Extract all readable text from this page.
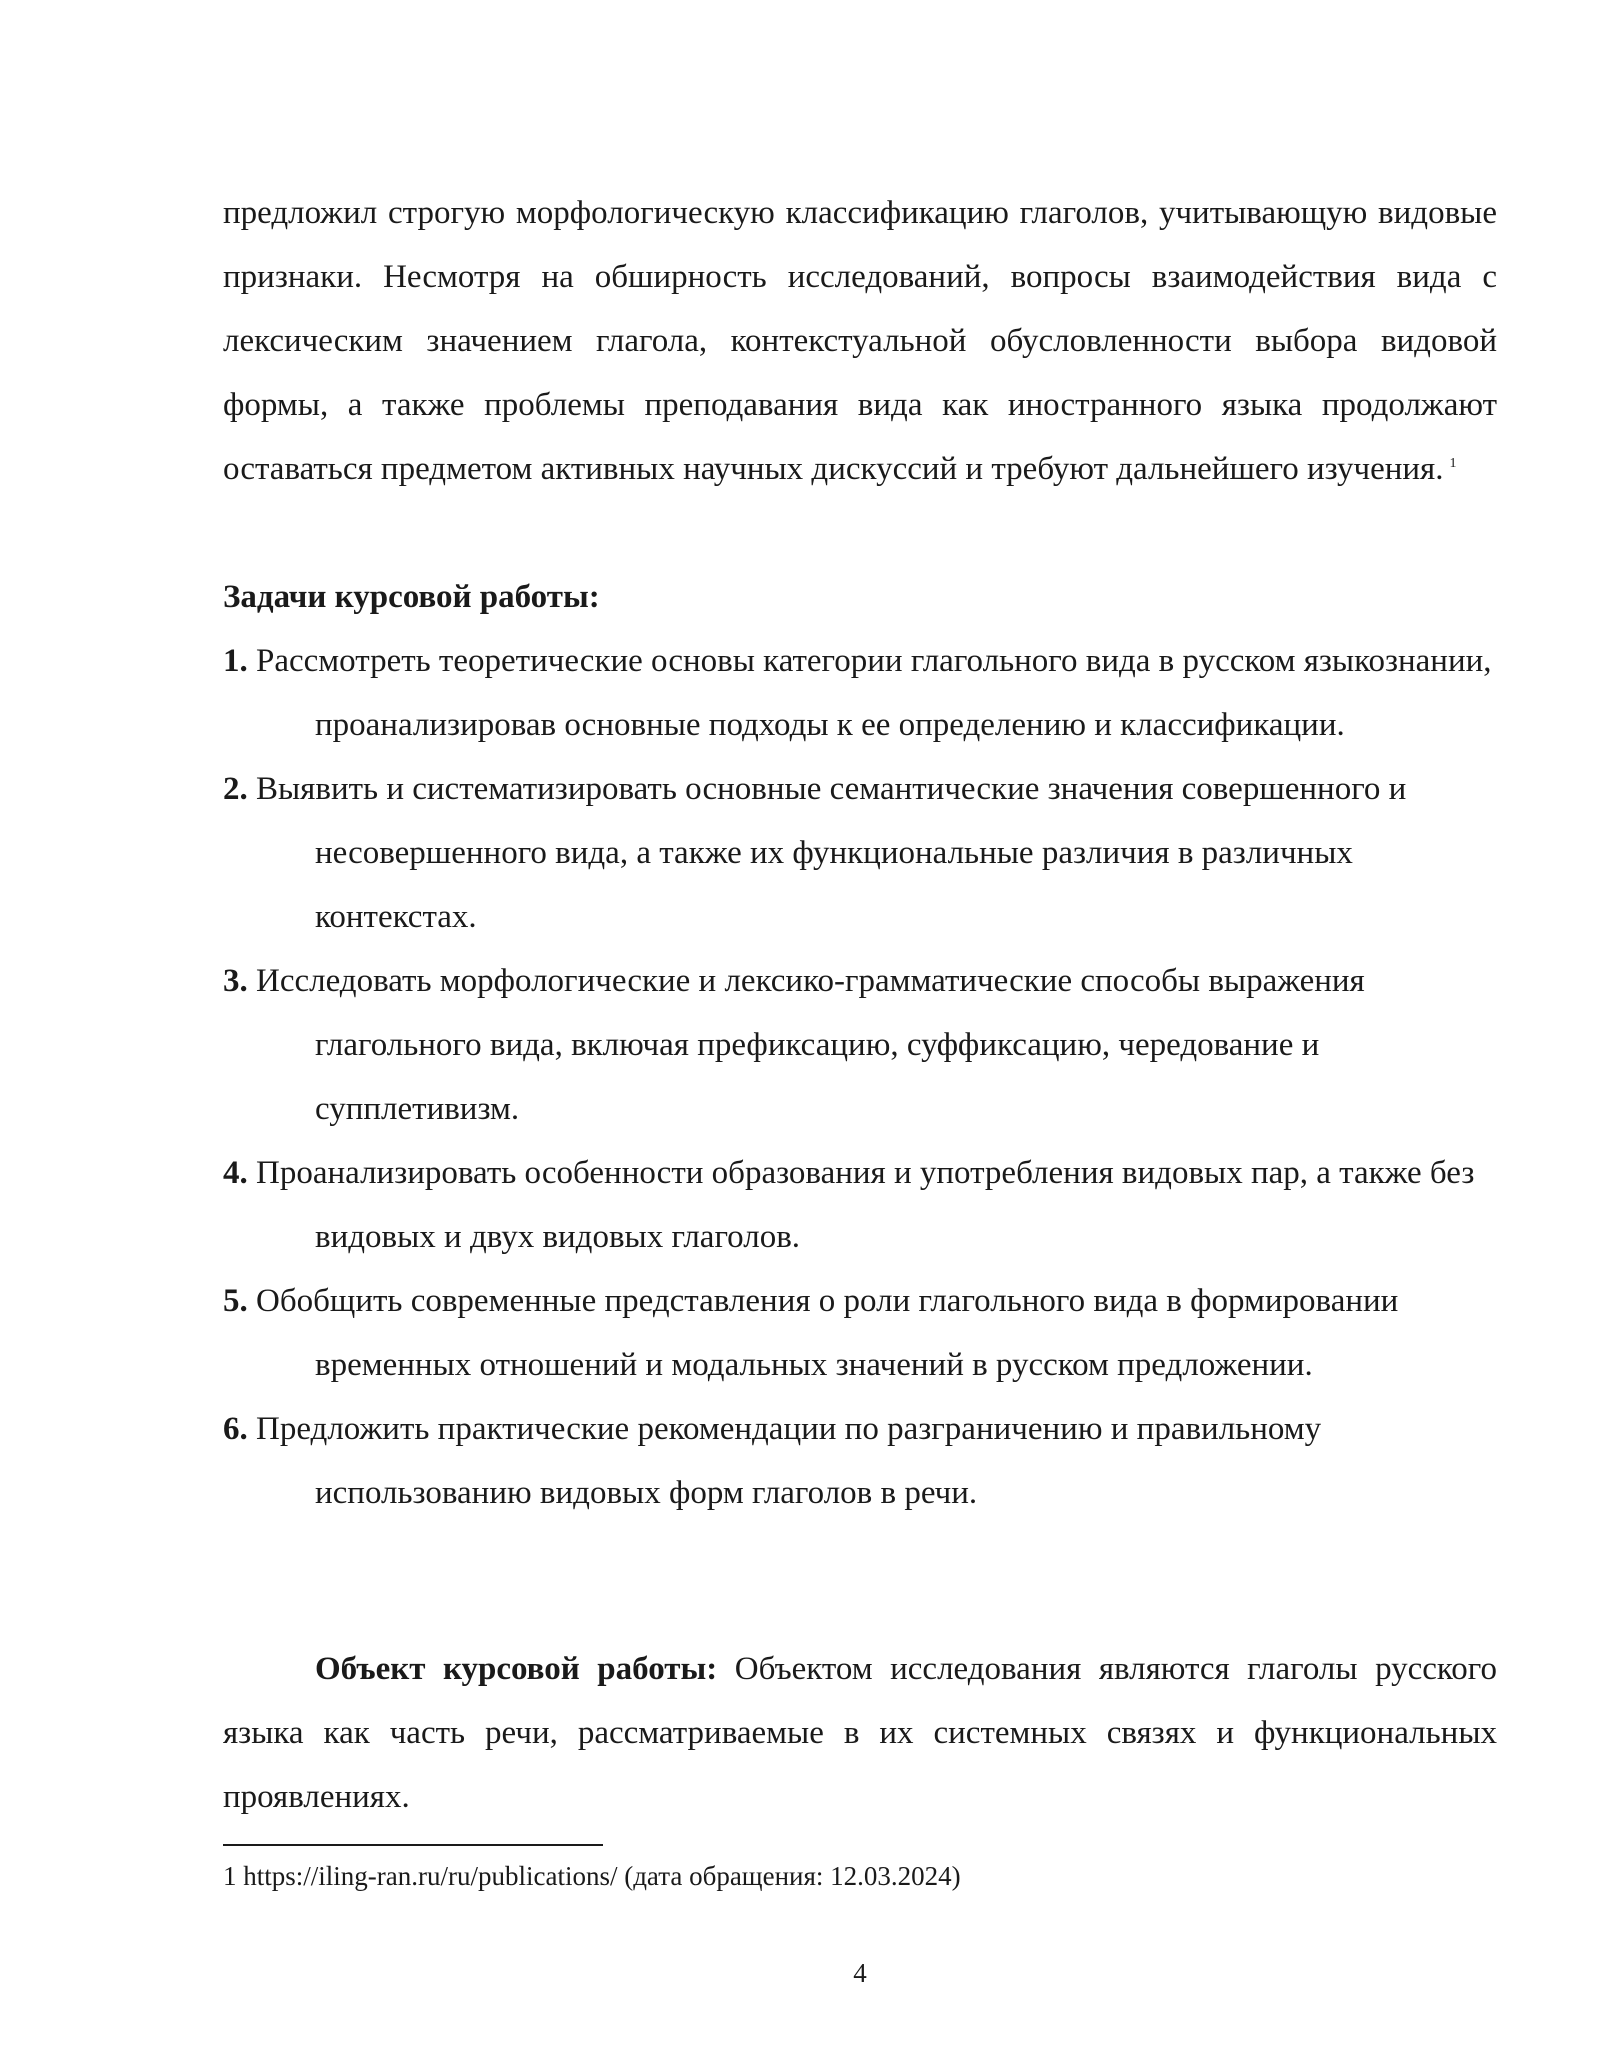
предложил строгую морфологическую классификацию глаголов, учитывающую видовые признаки. Несмотря на обширность исследований, вопросы взаимодействия вида с лексическим значением глагола, контекстуальной обусловленности выбора видовой формы, а также проблемы преподавания вида как иностранного языка продолжают оставаться предметом активных научных дискуссий и требуют дальнейшего изучения. $^1$

Задачи курсовой работы:
1. Рассмотреть теоретические основы категории глагольного вида в русском языкознании, проанализировав основные подходы к ее определению и классификации.
2. Выявить и систематизировать основные семантические значения совершенного и несовершенного вида, а также их функциональные различия в различных контекстах.
3. Исследовать морфологические и лексико-грамматические способы выражения глагольного вида, включая префиксацию, суффиксацию, чередование и супплетивизм.
4. Проанализировать особенности образования и употребления видовых пар, а также без видовых и двух видовых глаголов.
5. Обобщить современные представления о роли глагольного вида в формировании временных отношений и модальных значений в русском предложении.
6. Предложить практические рекомендации по разграничению и правильному использованию видовых форм глаголов в речи.

Объект курсовой работы: Объектом исследования являются глаголы русского языка как часть речи, рассматриваемые в их системных связях и функциональных проявлениях.

1 https://iling-ran.ru/ru/publications/ (дата обращения: 12.03.2024)
4
